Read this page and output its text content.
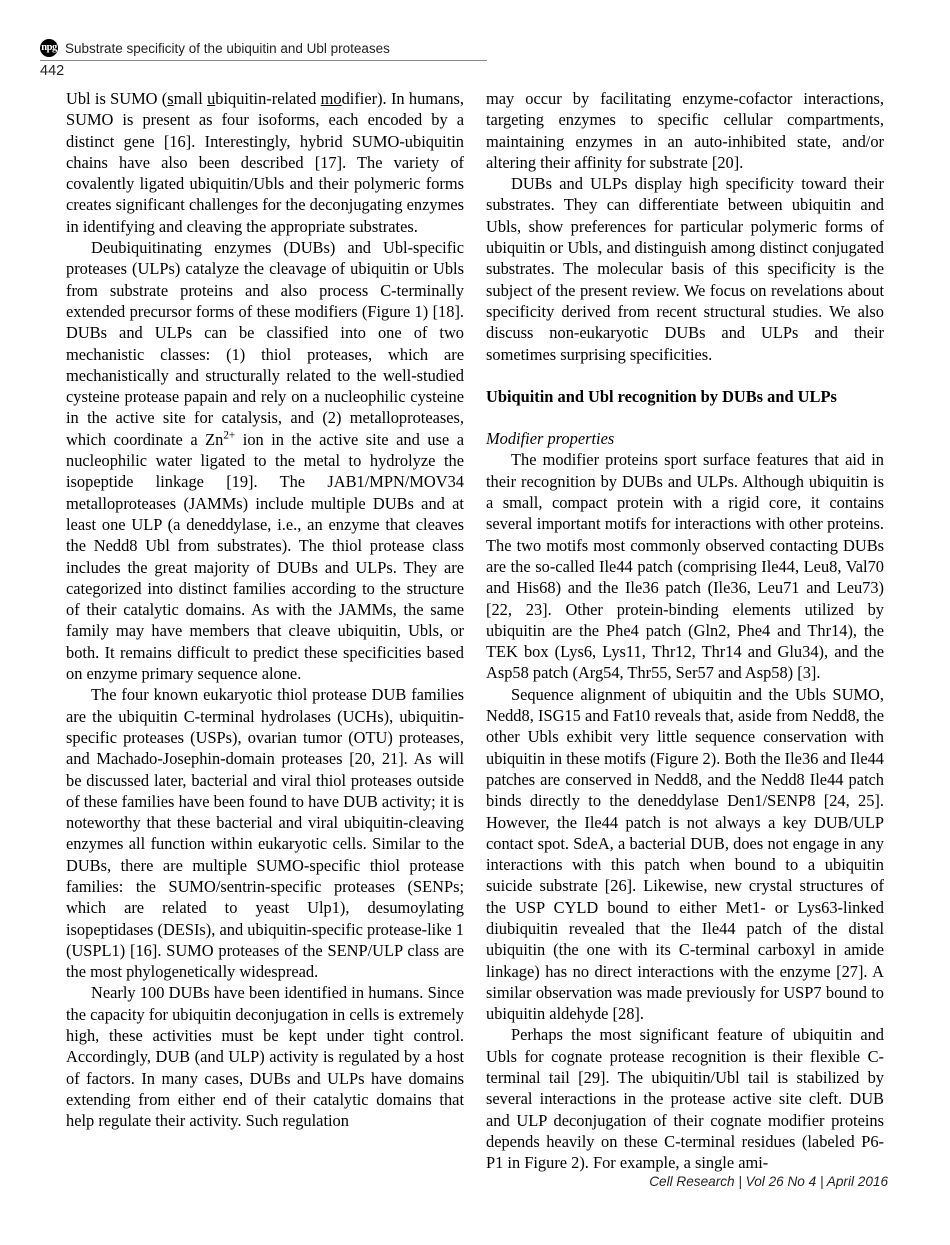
npg Substrate specificity of the ubiquitin and Ubl proteases
442

Ubl is SUMO (small ubiquitin-related modifier). In humans, SUMO is present as four isoforms, each encoded by a distinct gene [16]. Interestingly, hybrid SUMO-ubiquitin chains have also been described [17]. The variety of covalently ligated ubiquitin/Ubls and their polymeric forms creates significant challenges for the deconjugating enzymes in identifying and cleaving the appropriate substrates.

Deubiquitinating enzymes (DUBs) and Ubl-specific proteases (ULPs) catalyze the cleavage of ubiquitin or Ubls from substrate proteins and also process C-terminally extended precursor forms of these modifiers (Figure 1) [18]. DUBs and ULPs can be classified into one of two mechanistic classes: (1) thiol proteases, which are mechanistically and structurally related to the well-studied cysteine protease papain and rely on a nucleophilic cysteine in the active site for catalysis, and (2) metalloproteases, which coordinate a $Zn^{2+}$ ion in the active site and use a nucleophilic water ligated to the metal to hydrolyze the isopeptide linkage [19]. The JAB1/MPN/MOV34 metalloproteases (JAMMs) include multiple DUBs and at least one ULP (a deneddylase, i.e., an enzyme that cleaves the Nedd8 Ubl from substrates). The thiol protease class includes the great majority of DUBs and ULPs. They are categorized into distinct families according to the structure of their catalytic domains. As with the JAMMs, the same family may have members that cleave ubiquitin, Ubls, or both. It remains difficult to predict these specificities based on enzyme primary sequence alone.

The four known eukaryotic thiol protease DUB families are the ubiquitin C-terminal hydrolases (UCHs), ubiquitin-specific proteases (USPs), ovarian tumor (OTU) proteases, and Machado-Josephin-domain proteases [20, 21]. As will be discussed later, bacterial and viral thiol proteases outside of these families have been found to have DUB activity; it is noteworthy that these bacterial and viral ubiquitin-cleaving enzymes all function within eukaryotic cells. Similar to the DUBs, there are multiple SUMO-specific thiol protease families: the SUMO/sentrin-specific proteases (SENPs; which are related to yeast Ulp1), desumoylating isopeptidases (DESIs), and ubiquitin-specific protease-like 1 (USPL1) [16]. SUMO proteases of the SENP/ULP class are the most phylogenetically widespread.

Nearly 100 DUBs have been identified in humans. Since the capacity for ubiquitin deconjugation in cells is extremely high, these activities must be kept under tight control. Accordingly, DUB (and ULP) activity is regulated by a host of factors. In many cases, DUBs and ULPs have domains extending from either end of their catalytic domains that help regulate their activity. Such regulation

may occur by facilitating enzyme-cofactor interactions, targeting enzymes to specific cellular compartments, maintaining enzymes in an auto-inhibited state, and/or altering their affinity for substrate [20].

DUBs and ULPs display high specificity toward their substrates. They can differentiate between ubiquitin and Ubls, show preferences for particular polymeric forms of ubiquitin or Ubls, and distinguish among distinct conjugated substrates. The molecular basis of this specificity is the subject of the present review. We focus on revelations about specificity derived from recent structural studies. We also discuss non-eukaryotic DUBs and ULPs and their sometimes surprising specificities.

Ubiquitin and Ubl recognition by DUBs and ULPs
Modifier properties

The modifier proteins sport surface features that aid in their recognition by DUBs and ULPs. Although ubiquitin is a small, compact protein with a rigid core, it contains several important motifs for interactions with other proteins. The two motifs most commonly observed contacting DUBs are the so-called Ile44 patch (comprising Ile44, Leu8, Val70 and His68) and the Ile36 patch (Ile36, Leu71 and Leu73) [22, 23]. Other protein-binding elements utilized by ubiquitin are the Phe4 patch (Gln2, Phe4 and Thr14), the TEK box (Lys6, Lys11, Thr12, Thr14 and Glu34), and the Asp58 patch (Arg54, Thr55, Ser57 and Asp58) [3].

Sequence alignment of ubiquitin and the Ubls SUMO, Nedd8, ISG15 and Fat10 reveals that, aside from Nedd8, the other Ubls exhibit very little sequence conservation with ubiquitin in these motifs (Figure 2). Both the Ile36 and Ile44 patches are conserved in Nedd8, and the Nedd8 Ile44 patch binds directly to the deneddylase Den1/SENP8 [24, 25]. However, the Ile44 patch is not always a key DUB/ULP contact spot. SdeA, a bacterial DUB, does not engage in any interactions with this patch when bound to a ubiquitin suicide substrate [26]. Likewise, new crystal structures of the USP CYLD bound to either Met1- or Lys63-linked diubiquitin revealed that the Ile44 patch of the distal ubiquitin (the one with its C-terminal carboxyl in amide linkage) has no direct interactions with the enzyme [27]. A similar observation was made previously for USP7 bound to ubiquitin aldehyde [28].

Perhaps the most significant feature of ubiquitin and Ubls for cognate protease recognition is their flexible C-terminal tail [29]. The ubiquitin/Ubl tail is stabilized by several interactions in the protease active site cleft. DUB and ULP deconjugation of their cognate modifier proteins depends heavily on these C-terminal residues (labeled P6-P1 in Figure 2). For example, a single ami-

Cell Research | Vol 26 No 4 | April 2016
